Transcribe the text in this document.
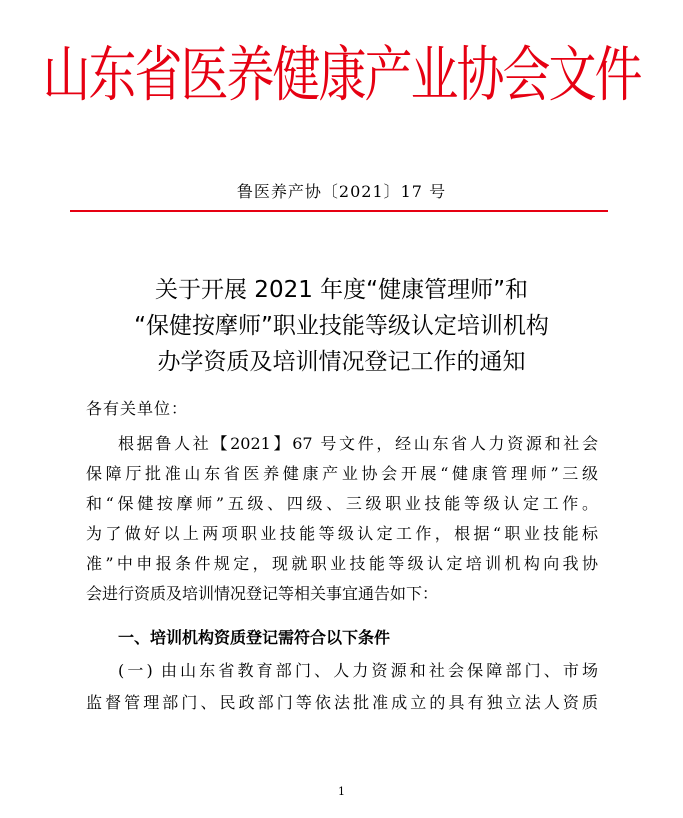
山东省医养健康产业协会文件
鲁医养产协〔2021〕17 号
关于开展 2021 年度“健康管理师”和
“保健按摩师”职业技能等级认定培训机构
办学资质及培训情况登记工作的通知
各有关单位：
根据鲁人社【2021】67 号文件，经山东省人力资源和社会
保障厅批准山东省医养健康产业协会开展“健康管理师”三级
和“保健按摩师”五级、四级、三级职业技能等级认定工作。
为了做好以上两项职业技能等级认定工作，根据“职业技能标
准”中申报条件规定，现就职业技能等级认定培训机构向我协
会进行资质及培训情况登记等相关事宜通告如下：
一、培训机构资质登记需符合以下条件
(一) 由山东省教育部门、人力资源和社会保障部门、市场
监督管理部门、民政部门等依法批准成立的具有独立法人资质
1
